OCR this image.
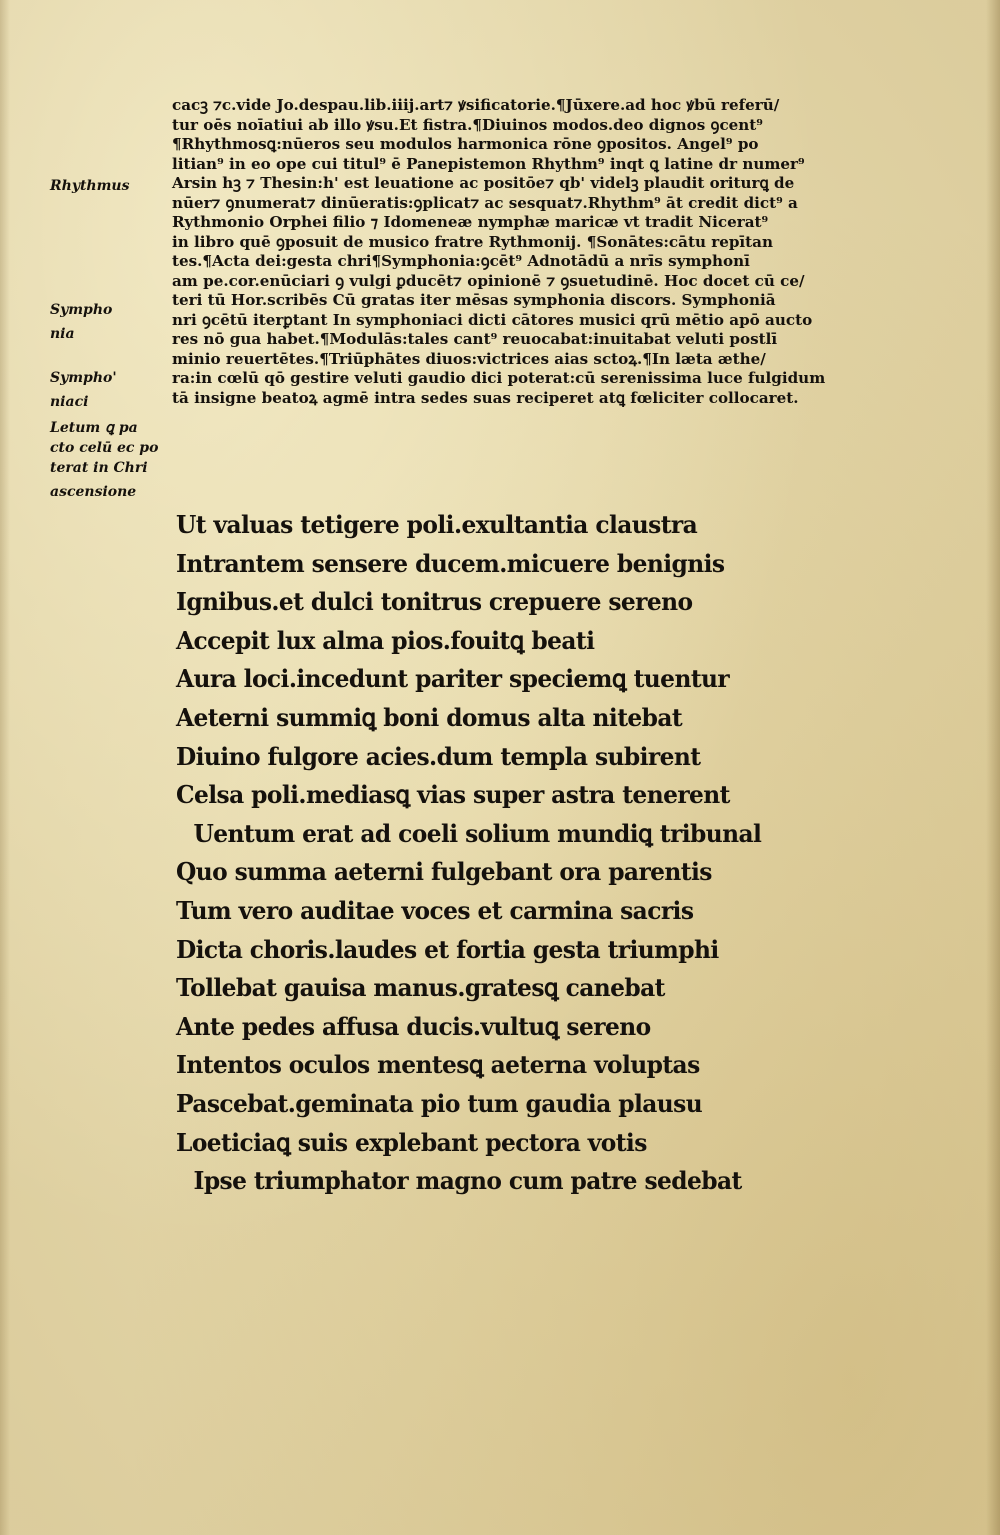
Rhythmus
Sympho
nia
Sympho'
niaci
Letum ꝗ pa
cto celū ec po
terat in Chri
ascensione
cacꝫ ⁊c.vide Jo.despau.lib.iiij.art⁊ ꝟsificatorie.¶Jūxere.ad hoc ꝟbū referū/
tur oēs noīatiui ab illo ꝟsu.Et fistra.¶Diuinos modos.deo dignos ꝯcent⁹
¶Rhythmosꝗ:nūeros seu modulos harmonica rōne ꝯpositos. Angel⁹ po
litian⁹ in eo ope cui titul⁹ ē Panepistemon Rhythm⁹ inqt ꝗ latine dr numer⁹
Arsin hꝫ ⁊ Thesin:h' est leuatione ac positōe⁊ qb' videlꝫ plaudit oriturꝗ de
nūer⁊ ꝯnumerat⁊ dinūeratis:ꝯplicat⁊ ac sesquat⁊.Rhythm⁹ āt credit dict⁹ a
Rythmonio Orphei filio ⁊ Idomeneæ nymphæ maricæ vt tradit Nicerat⁹
in libro quē ꝯposuit de musico fratre Rythmonij. ¶Sonātes:cātu repītan
tes.¶Acta dei:gesta chri¶Symphonia:ꝯcēt⁹ Adnotādū a nrīs symphonī
am pe.cor.enūciari ꝯ vulgi ꝑducēt⁊ opinionē ⁊ ꝯsuetudinē. Hoc docet cū ce/
teri tū Hor.scribēs Cū gratas iter mēsas symphonia discors. Symphoniā
nri ꝯcētū iterꝑtant In symphoniaci dicti cātores musici qrū mētio apō aucto
res nō gua habet.¶Modulās:tales cant⁹ reuocabat:inuitabat veluti postlī
minio reuertētes.¶Triūphātes diuos:victrices aias sctoꝝ.¶In læta æthe/
ra:in cœlū qō gestire veluti gaudio dici poterat:cū serenissima luce fulgidum
tā insigne beatoꝝ agmē intra sedes suas reciperet atꝗ fœliciter collocaret.
Ut valuas tetigere poli.exultantia claustra
Intrantem sensere ducem.micuere benignis
Ignibus.et dulci tonitrus crepuere sereno
Accepit lux alma pios.fouitꝗ beati
Aura loci.incedunt pariter speciemꝗ tuentur
Aeterni summiꝗ boni domus alta nitebat
Diuino fulgore acies.dum templa subirent
Celsa poli.mediasꝗ vias super astra tenerent
Uentum erat ad coeli solium mundiꝗ tribunal
Quo summa aeterni fulgebant ora parentis
Tum vero auditae voces et carmina sacris
Dicta choris.laudes et fortia gesta triumphi
Tollebat gauisa manus.gratesꝗ canebat
Ante pedes affusa ducis.vultuꝗ sereno
Intentos oculos mentesꝗ aeterna voluptas
Pascebat.geminata pio tum gaudia plausu
Loeticiaꝗ suis explebant pectora votis
Ipse triumphator magno cum patre sedebat
